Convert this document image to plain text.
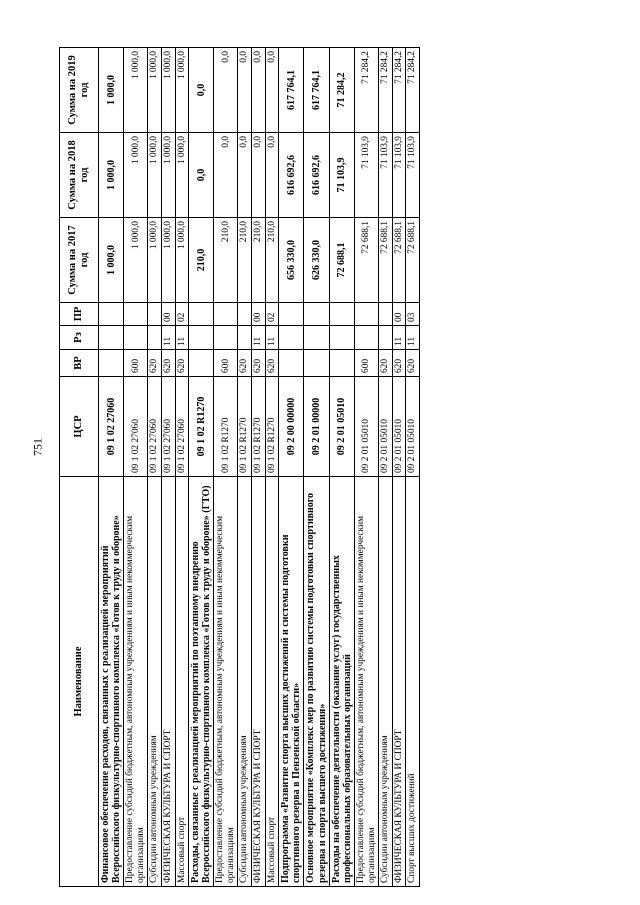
751
Наименование	ЦСР	ВР	Рз	ПР	Сумма на 2017 год	Сумма на 2018 год	Сумма на 2019 год
Финансовое обеспечение расходов, связанных с реализацией мероприятий Всероссийского физкультурно-спортивного комплекса «Готов к труду и обороне»	09 1 02 27060				1 000,0	1 000,0	1 000,0
Предоставление субсидий бюджетным, автономным учреждениям и иным некоммерческим организациям	09 1 02 27060	600			1 000,0	1 000,0	1 000,0
Субсидии автономным учреждениям	09 1 02 27060	620			1 000,0	1 000,0	1 000,0
ФИЗИЧЕСКАЯ КУЛЬТУРА И СПОРТ	09 1 02 27060	620	11	00	1 000,0	1 000,0	1 000,0
Массовый спорт	09 1 02 27060	620	11	02	1 000,0	1 000,0	1 000,0
Расходы, связанные с реализацией мероприятий по поэтапному внедрению Всероссийского физкультурно-спортивного комплекса «Готов к труду и обороне» (ГТО)	09 1 02 R1270				210,0	0,0	0,0
Предоставление субсидий бюджетным, автономным учреждениям и иным некоммерческим организациям	09 1 02 R1270	600			210,0	0,0	0,0
Субсидии автономным учреждениям	09 1 02 R1270	620			210,0	0,0	0,0
ФИЗИЧЕСКАЯ КУЛЬТУРА И СПОРТ	09 1 02 R1270	620	11	00	210,0	0,0	0,0
Массовый спорт	09 1 02 R1270	620	11	02	210,0	0,0	0,0
Подпрограмма «Развитие спорта высших достижений и системы подготовки спортивного резерва в Пензенской области»	09 2 00 00000				656 330,0	616 692,6	617 764,1
Основное мероприятие «Комплекс мер по развитию системы подготовки спортивного резерва и спорта высшего достижения»	09 2 01 00000				626 330,0	616 692,6	617 764,1
Расходы на обеспечение деятельности (оказание услуг) государственных профессиональных образовательных организаций	09 2 01 05010				72 688,1	71 103,9	71 284,2
Предоставление субсидий бюджетным, автономным учреждениям и иным некоммерческим организациям	09 2 01 05010	600			72 688,1	71 103,9	71 284,2
Субсидии автономным учреждениям	09 2 01 05010	620			72 688,1	71 103,9	71 284,2
ФИЗИЧЕСКАЯ КУЛЬТУРА И СПОРТ	09 2 01 05010	620	11	00	72 688,1	71 103,9	71 284,2
Спорт высших достижений	09 2 01 05010	620	11	03	72 688,1	71 103,9	71 284,2
